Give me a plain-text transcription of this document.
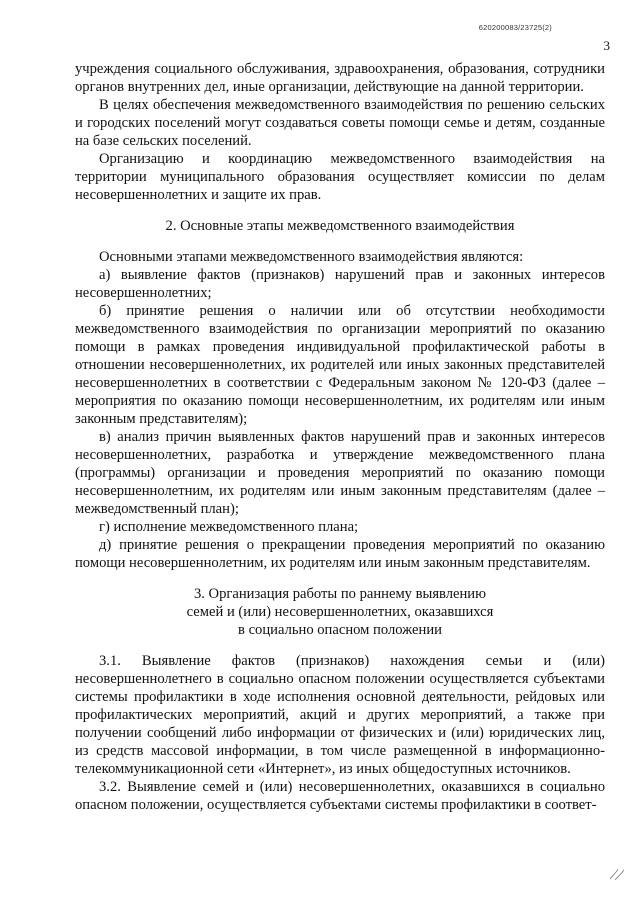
620200083/23725(2)
3

учреждения социального обслуживания, здравоохранения, образования, сотрудники органов внутренних дел, иные организации, действующие на данной территории.

В целях обеспечения межведомственного взаимодействия по решению сельских и городских поселений могут создаваться советы помощи семье и детям, созданные на базе сельских поселений.

Организацию и координацию межведомственного взаимодействия на территории муниципального образования осуществляет комиссии по делам несовершеннолетних и защите их прав.

2. Основные этапы межведомственного взаимодействия

Основными этапами межведомственного взаимодействия являются:

а) выявление фактов (признаков) нарушений прав и законных интересов несовершеннолетних;

б) принятие решения о наличии или об отсутствии необходимости межведомственного взаимодействия по организации мероприятий по оказанию помощи в рамках проведения индивидуальной профилактической работы в отношении несовершеннолетних, их родителей или иных законных представителей несовершеннолетних в соответствии с Федеральным законом № 120-ФЗ (далее – мероприятия по оказанию помощи несовершеннолетним, их родителям или иным законным представителям);

в) анализ причин выявленных фактов нарушений прав и законных интересов несовершеннолетних, разработка и утверждение межведомственного плана (программы) организации и проведения мероприятий по оказанию помощи несовершеннолетним, их родителям или иным законным представителям (далее – межведомственный план);

г) исполнение межведомственного плана;

д) принятие решения о прекращении проведения мероприятий по оказанию помощи несовершеннолетним, их родителям или иным законным представителям.

3. Организация работы по раннему выявлению
семей и (или) несовершеннолетних, оказавшихся
в социально опасном положении

3.1. Выявление фактов (признаков) нахождения семьи и (или) несовершеннолетнего в социально опасном положении осуществляется субъектами системы профилактики в ходе исполнения основной деятельности, рейдовых или профилактических мероприятий, акций и других мероприятий, а также при получении сообщений либо информации от физических и (или) юридических лиц, из средств массовой информации, в том числе размещенной в информационно-телекоммуникационной сети «Интернет», из иных общедоступных источников.

3.2. Выявление семей и (или) несовершеннолетних, оказавшихся в социально опасном положении, осуществляется субъектами системы профилактики в соответ-
